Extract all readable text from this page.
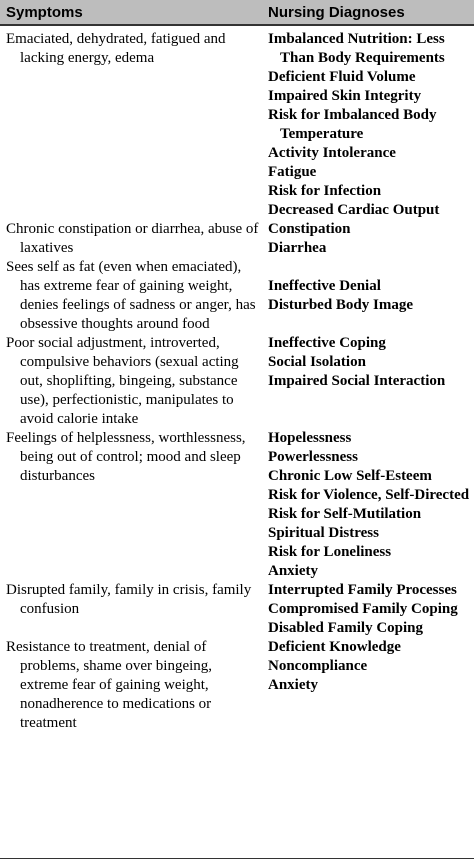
Symptoms	Nursing Diagnoses
Emaciated, dehydrated, fatigued and lacking energy, edema
Imbalanced Nutrition: Less Than Body Requirements
Deficient Fluid Volume
Impaired Skin Integrity
Risk for Imbalanced Body Temperature
Activity Intolerance
Fatigue
Risk for Infection
Decreased Cardiac Output
Chronic constipation or diarrhea, abuse of laxatives
Constipation
Diarrhea
Sees self as fat (even when emaciated), has extreme fear of gaining weight, denies feelings of sadness or anger, has obsessive thoughts around food
Ineffective Denial
Disturbed Body Image
Poor social adjustment, introverted, compulsive behaviors (sexual acting out, shoplifting, bingeing, substance use), perfectionistic, manipulates to avoid calorie intake
Ineffective Coping
Social Isolation
Impaired Social Interaction
Feelings of helplessness, worthlessness, being out of control; mood and sleep disturbances
Hopelessness
Powerlessness
Chronic Low Self-Esteem
Risk for Violence, Self-Directed
Risk for Self-Mutilation
Spiritual Distress
Risk for Loneliness
Anxiety
Disrupted family, family in crisis, family confusion
Interrupted Family Processes
Compromised Family Coping
Disabled Family Coping
Resistance to treatment, denial of problems, shame over bingeing, extreme fear of gaining weight, nonadherence to medications or treatment
Deficient Knowledge
Noncompliance
Anxiety
